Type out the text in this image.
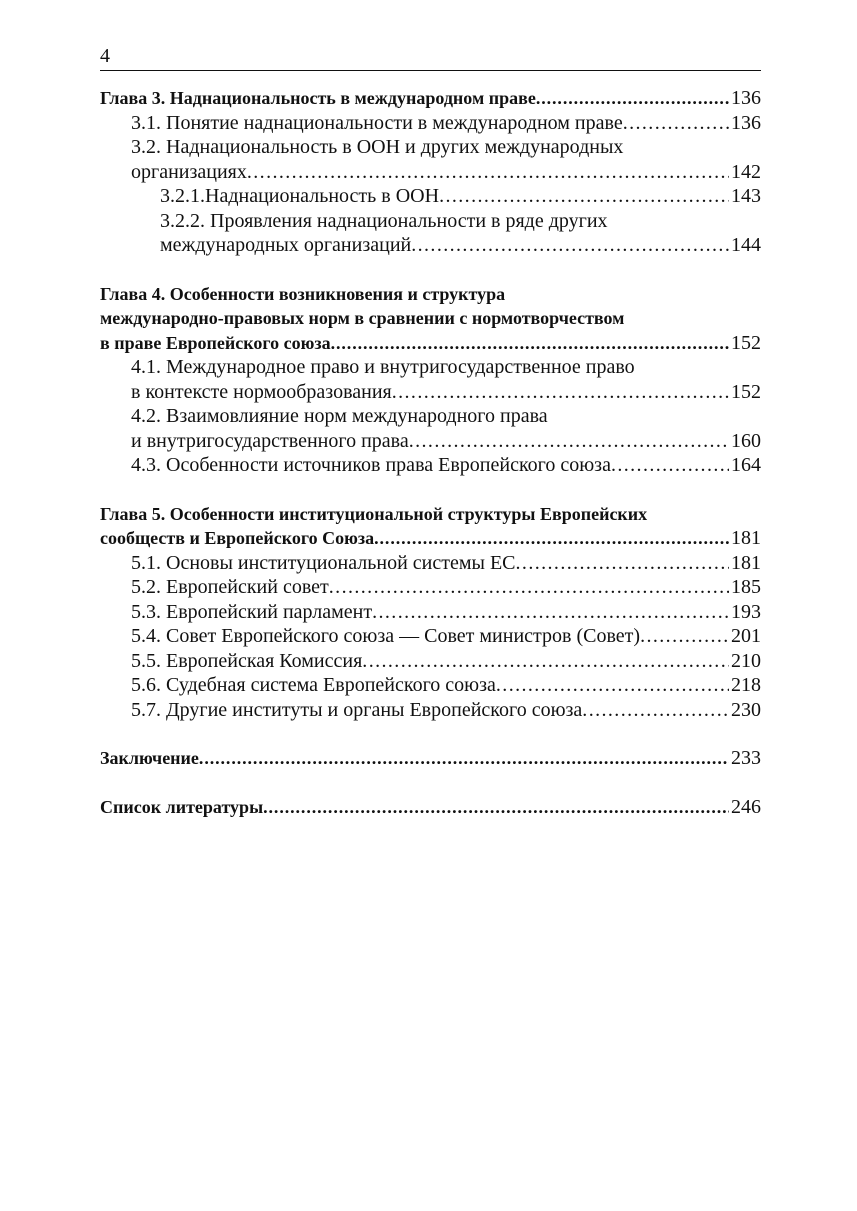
4
Глава 3. Наднациональность в международном праве . . .	136
3.1. Понятие наднациональности в международном праве . . .	136
3.2. Наднациональность в ООН и других международных
организациях . . .	142
3.2.1.Наднациональность в ООН . . .	143
3.2.2. Проявления наднациональности в ряде других
международных организаций . . .	144
Глава 4. Особенности возникновения и структура
международно-правовых норм в сравнении с нормотворчеством
в праве Европейского союза . . .	152
4.1. Международное право и внутригосударственное право
в контексте нормообразования . . .	152
4.2. Взаимовлияние норм международного права
и внутригосударственного права . . .	160
4.3. Особенности источников права Европейского союза . . .	164
Глава 5. Особенности институциональной структуры Европейских
сообществ и Европейского Союза . . .	181
5.1. Основы институциональной системы ЕС . . .	181
5.2. Европейский совет . . .	185
5.3. Европейский парламент . . .	193
5.4. Совет Европейского союза — Совет министров (Совет) . . .	201
5.5. Европейская Комиссия . . .	210
5.6. Судебная система Европейского союза . . .	218
5.7. Другие институты и органы Европейского союза . . .	230
Заключение . . .	233
Список литературы . . .	246
